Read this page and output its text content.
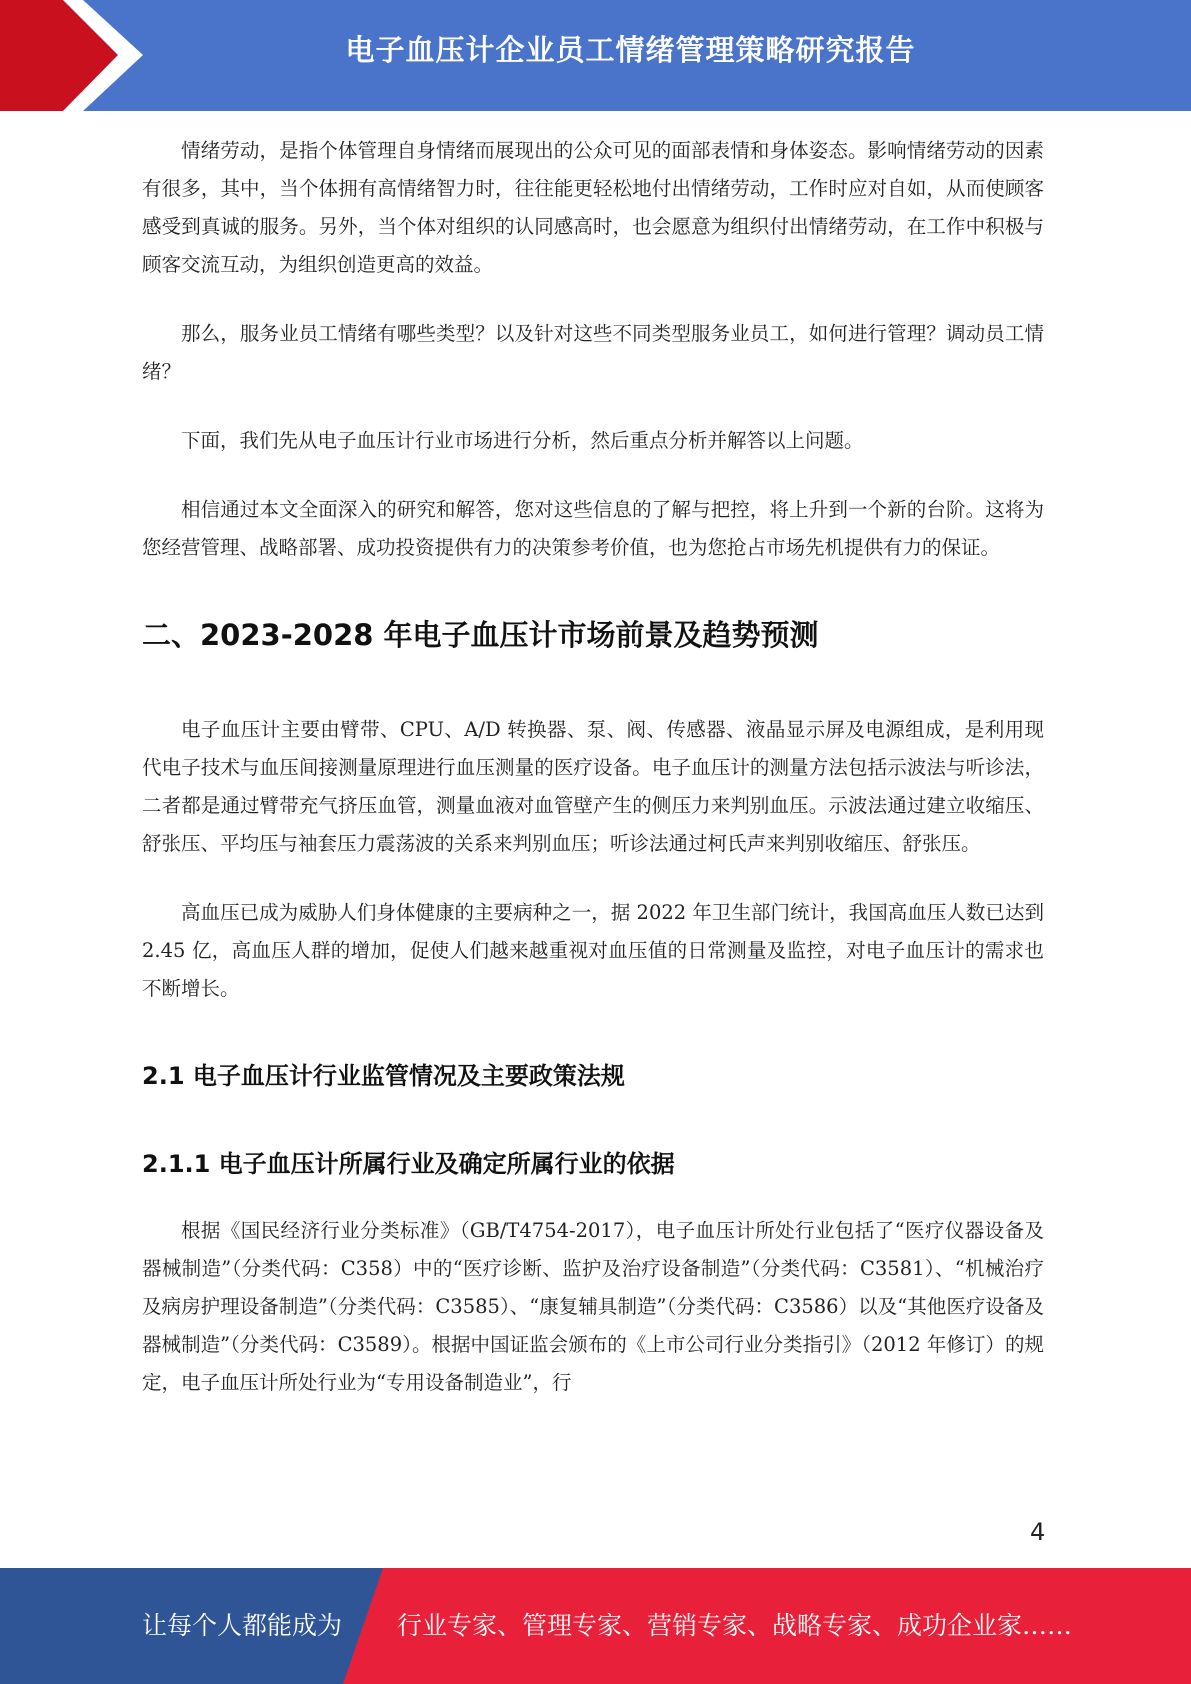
电子血压计企业员工情绪管理策略研究报告

情绪劳动，是指个体管理自身情绪而展现出的公众可见的面部表情和身体姿态。影响情绪劳动的因素有很多，其中，当个体拥有高情绪智力时，往往能更轻松地付出情绪劳动，工作时应对自如，从而使顾客感受到真诚的服务。另外，当个体对组织的认同感高时，也会愿意为组织付出情绪劳动，在工作中积极与顾客交流互动，为组织创造更高的效益。

那么，服务业员工情绪有哪些类型？以及针对这些不同类型服务业员工，如何进行管理？调动员工情绪？

下面，我们先从电子血压计行业市场进行分析，然后重点分析并解答以上问题。

相信通过本文全面深入的研究和解答，您对这些信息的了解与把控，将上升到一个新的台阶。这将为您经营管理、战略部署、成功投资提供有力的决策参考价值，也为您抢占市场先机提供有力的保证。

二、2023-2028 年电子血压计市场前景及趋势预测

电子血压计主要由臂带、CPU、A/D 转换器、泵、阀、传感器、液晶显示屏及电源组成，是利用现代电子技术与血压间接测量原理进行血压测量的医疗设备。电子血压计的测量方法包括示波法与听诊法，二者都是通过臂带充气挤压血管，测量血液对血管壁产生的侧压力来判别血压。示波法通过建立收缩压、舒张压、平均压与袖套压力震荡波的关系来判别血压；听诊法通过柯氏声来判别收缩压、舒张压。

高血压已成为威胁人们身体健康的主要病种之一，据 2022 年卫生部门统计，我国高血压人数已达到 2.45 亿，高血压人群的增加，促使人们越来越重视对血压值的日常测量及监控，对电子血压计的需求也不断增长。

2.1 电子血压计行业监管情况及主要政策法规
2.1.1 电子血压计所属行业及确定所属行业的依据

根据《国民经济行业分类标准》（GB/T4754-2017），电子血压计所处行业包括了“医疗仪器设备及器械制造”（分类代码：C358）中的“医疗诊断、监护及治疗设备制造”（分类代码：C3581）、“机械治疗及病房护理设备制造”（分类代码：C3585）、“康复辅具制造”（分类代码：C3586）以及“其他医疗设备及器械制造”（分类代码：C3589）。根据中国证监会颁布的《上市公司行业分类指引》（2012 年修订）的规定，电子血压计所处行业为“专用设备制造业”，行

4
让每个人都能成为 行业专家、管理专家、营销专家、战略专家、成功企业家……
